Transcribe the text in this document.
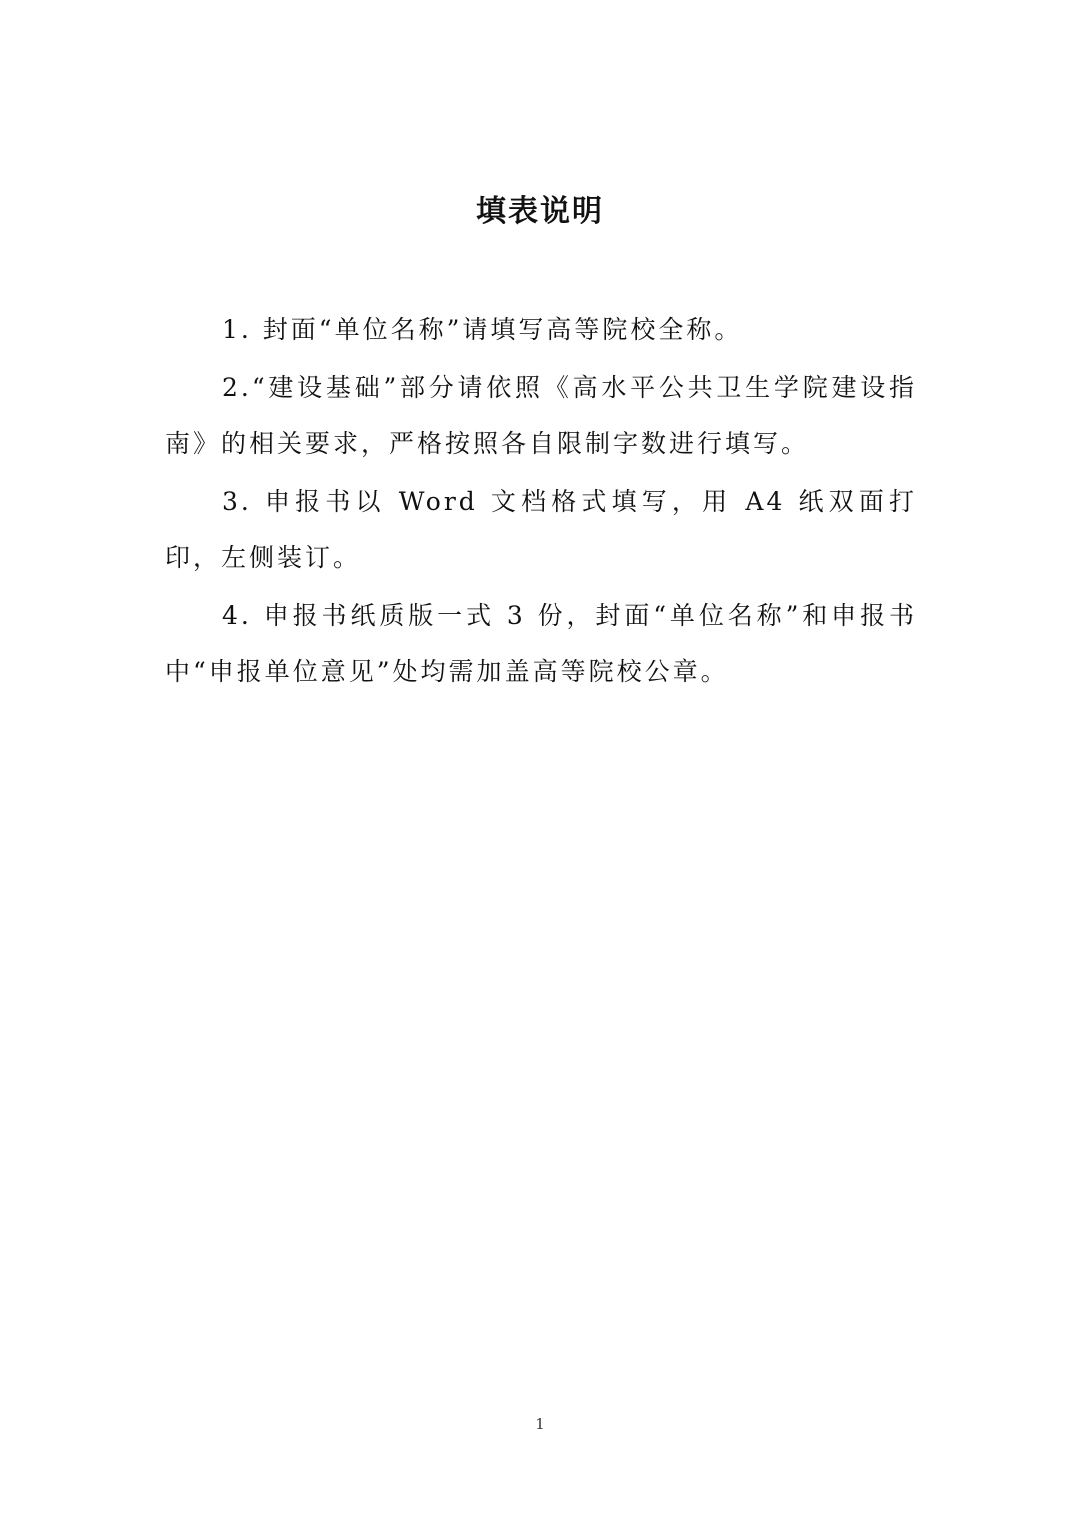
填表说明

1. 封面“单位名称”请填写高等院校全称。

2.“建设基础”部分请依照《高水平公共卫生学院建设指南》的相关要求，严格按照各自限制字数进行填写。

3. 申报书以 Word 文档格式填写，用 A4 纸双面打印，左侧装订。

4. 申报书纸质版一式 3 份，封面“单位名称”和申报书中“申报单位意见”处均需加盖高等院校公章。

1
